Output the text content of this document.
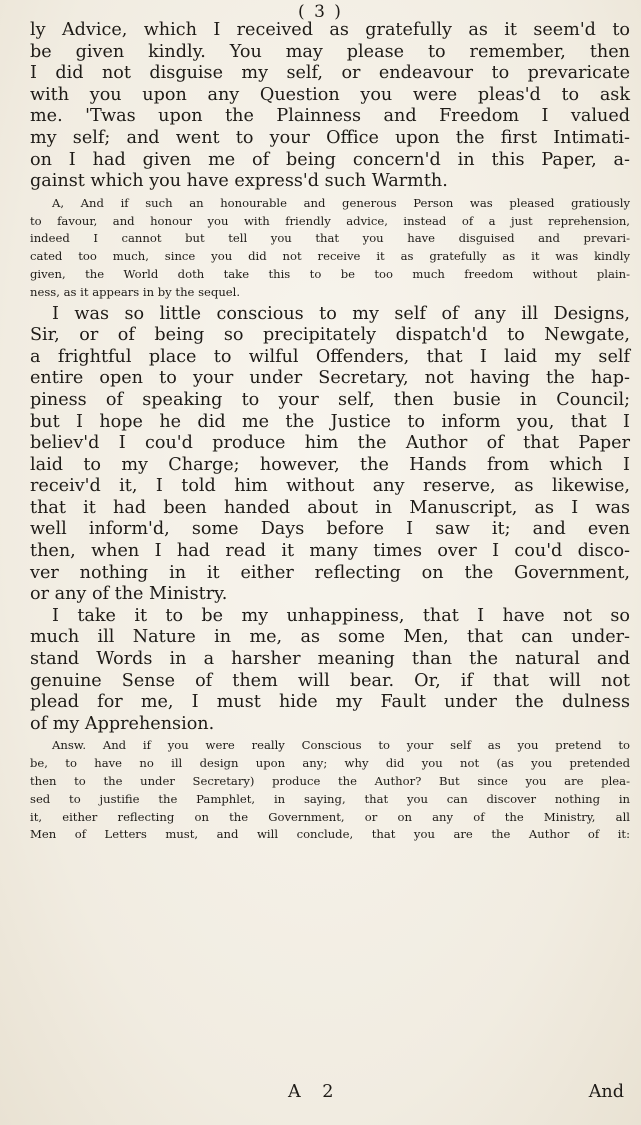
( 3 )

ly Advice, which I received as gratefully as it seem'd to
be given kindly. You may please to remember, then
I did not disguise my self, or endeavour to prevaricate
with you upon any Question you were pleas'd to ask
me. 'Twas upon the Plainness and Freedom I valued
my self; and went to your Office upon the first Intimati-
on I had given me of being concern'd in this Paper, a-
gainst which you have express'd such Warmth.

A, And if such an honourable and generous Person was pleased gratiously
to favour, and honour you with friendly advice, instead of a just reprehension,
indeed I cannot but tell you that you have disguised and prevari-
cated too much, since you did not receive it as gratefully as it was kindly
given, the World doth take this to be too much freedom without plain-
ness, as it appears in by the sequel.

I was so little conscious to my self of any ill Designs,
Sir, or of being so precipitately dispatch'd to Newgate,
a frightful place to wilful Offenders, that I laid my self
entire open to your under Secretary, not having the hap-
piness of speaking to your self, then busie in Council;
but I hope he did me the Justice to inform you, that I
believ'd I cou'd produce him the Author of that Paper
laid to my Charge; however, the Hands from which I
receiv'd it, I told him without any reserve, as likewise,
that it had been handed about in Manuscript, as I was
well inform'd, some Days before I saw it; and even
then, when I had read it many times over I cou'd disco-
ver nothing in it either reflecting on the Government,
or any of the Ministry.

I take it to be my unhappiness, that I have not so
much ill Nature in me, as some Men, that can under-
stand Words in a harsher meaning than the natural and
genuine Sense of them will bear. Or, if that will not
plead for me, I must hide my Fault under the dulness
of my Apprehension.

Answ. And if you were really Conscious to your self as you pretend to
be, to have no ill design upon any; why did you not (as you pretended
then to the under Secretary) produce the Author? But since you are plea-
sed to justifie the Pamphlet, in saying, that you can discover nothing in
it, either reflecting on the Government, or on any of the Ministry, all
Men of Letters must, and will conclude, that you are the Author of it:

A 2	And
